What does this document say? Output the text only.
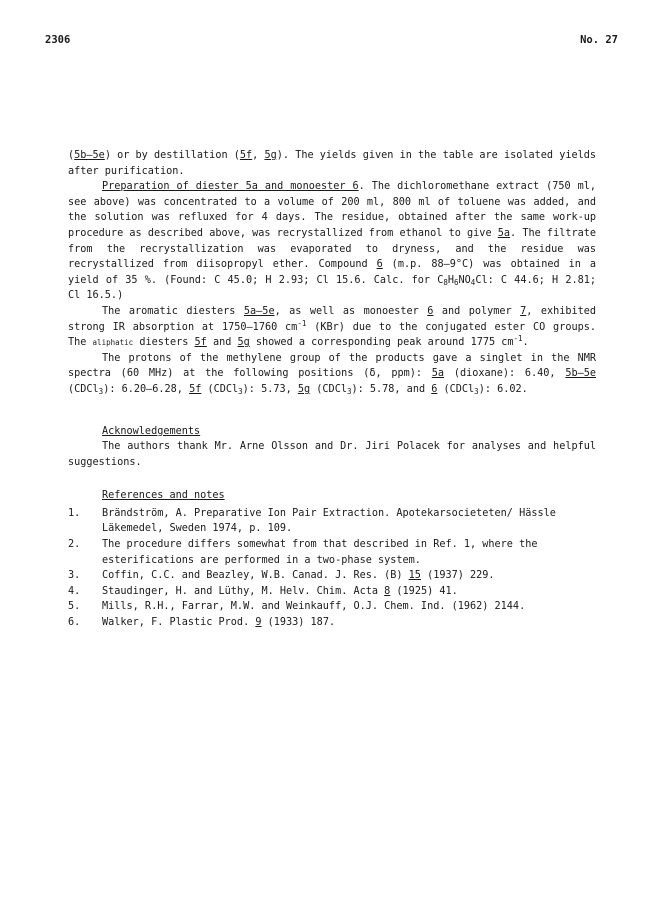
2306	No. 27

(5b–5e) or by destillation (5f, 5g). The yields given in the table are isolated yields after purification.

Preparation of diester 5a and monoester 6. The dichloromethane extract (750 ml, see above) was concentrated to a volume of 200 ml, 800 ml of toluene was added, and the solution was refluxed for 4 days. The residue, obtained after the same work-up procedure as described above, was recrystallized from ethanol to give 5a. The filtrate from the recrystallization was evaporated to dryness, and the residue was recrystallized from diisopropyl ether. Compound 6 (m.p. 88–9°C) was obtained in a yield of 35 %. (Found: C 45.0; H 2.93; Cl 15.6. Calc. for $C_8H_6NO_4Cl$: C 44.6; H 2.81; Cl 16.5.)

The aromatic diesters 5a–5e, as well as monoester 6 and polymer 7, exhibited strong IR absorption at 1750–1760 $cm^{-1}$ (KBr) due to the conjugated ester CO groups. The aliphatic diesters 5f and 5g showed a corresponding peak around 1775 $cm^{-1}$.

The protons of the methylene group of the products gave a singlet in the NMR spectra (60 MHz) at the following positions (δ, ppm): 5a (dioxane): 6.40, 5b–5e (CDCl$_3$): 6.20–6.28, 5f (CDCl$_3$): 5.73, 5g (CDCl$_3$): 5.78, and 6 (CDCl$_3$): 6.02.

Acknowledgements

The authors thank Mr. Arne Olsson and Dr. Jiri Polacek for analyses and helpful suggestions.

References and notes
1.	Brändström, A. Preparative Ion Pair Extraction. Apotekarsocieteten/ Hässle Läkemedel, Sweden 1974, p. 109.
2.	The procedure differs somewhat from that described in Ref. 1, where the esterifications are performed in a two-phase system.
3.	Coffin, C.C. and Beazley, W.B. Canad. J. Res. (B) 15 (1937) 229.
4.	Staudinger, H. and Lüthy, M. Helv. Chim. Acta 8 (1925) 41.
5.	Mills, R.H., Farrar, M.W. and Weinkauff, O.J. Chem. Ind. (1962) 2144.
6.	Walker, F. Plastic Prod. 9 (1933) 187.
